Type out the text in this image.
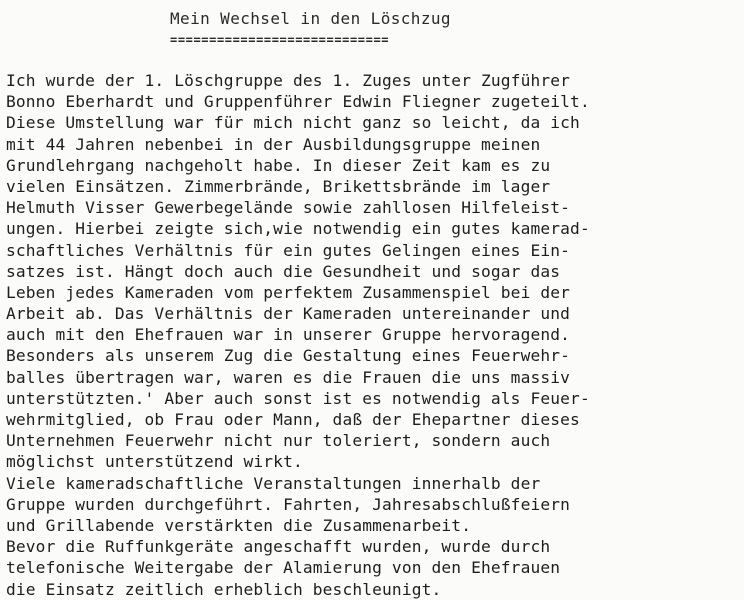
Mein Wechsel in den Löschzug
============================
Ich wurde der 1. Löschgruppe des 1. Zuges unter Zugführer
Bonno Eberhardt und Gruppenführer Edwin Fliegner zugeteilt.
Diese Umstellung war für mich nicht ganz so leicht, da ich
mit 44 Jahren nebenbei in der Ausbildungsgruppe meinen
Grundlehrgang nachgeholt habe. In dieser Zeit kam es zu
vielen Einsätzen. Zimmerbrände, Brikettsbrände im lager
Helmuth Visser Gewerbegelände sowie zahllosen Hilfeleist-
ungen. Hierbei zeigte sich,wie notwendig ein gutes kamerad-
schaftliches Verhältnis für ein gutes Gelingen eines Ein-
satzes ist. Hängt doch auch die Gesundheit und sogar das
Leben jedes Kameraden vom perfektem Zusammenspiel bei der
Arbeit ab. Das Verhältnis der Kameraden untereinander und
auch mit den Ehefrauen war in unserer Gruppe hervoragend.
Besonders als unserem Zug die Gestaltung eines Feuerwehr-
balles übertragen war, waren es die Frauen die uns massiv
unterstützten.' Aber auch sonst ist es notwendig als Feuer-
wehrmitglied, ob Frau oder Mann, daß der Ehepartner dieses
Unternehmen Feuerwehr nicht nur toleriert, sondern auch
möglichst unterstützend wirkt.
Viele kameradschaftliche Veranstaltungen innerhalb der
Gruppe wurden durchgeführt. Fahrten, Jahresabschlußfeiern
und Grillabende verstärkten die Zusammenarbeit.
Bevor die Ruffunkgeräte angeschafft wurden, wurde durch
telefonische Weitergabe der Alamierung von den Ehefrauen
die Einsatz zeitlich erheblich beschleunigt.
